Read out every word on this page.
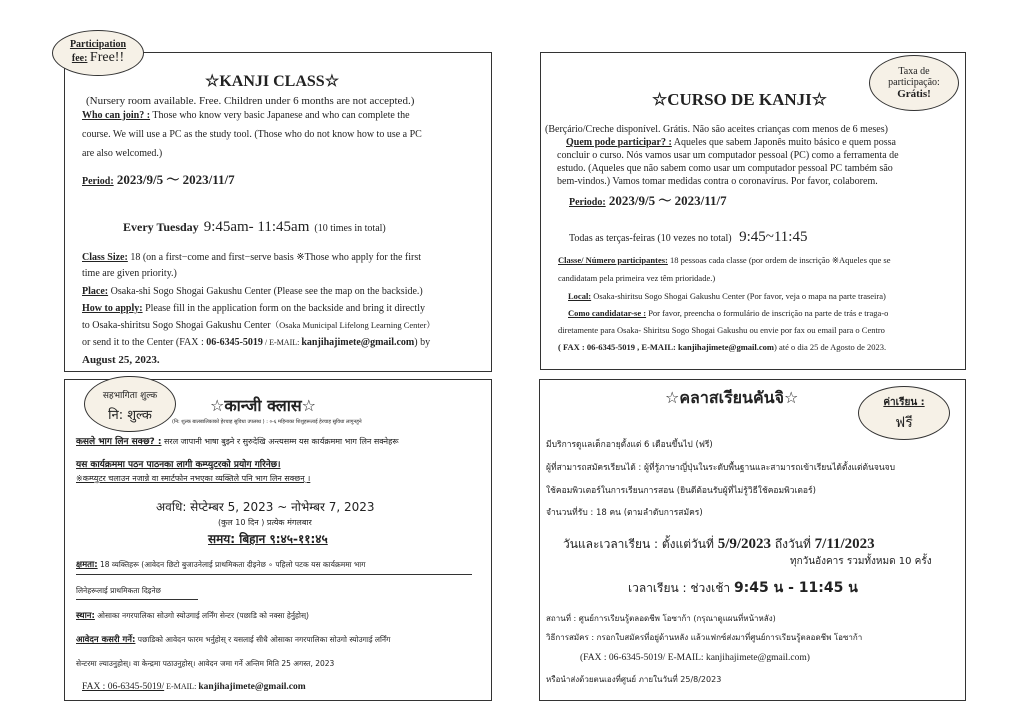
Participation
fee: Free!!
☆KANJI CLASS☆
(Nursery room available. Free. Children under 6 months are not accepted.)
Who can join? : Those who know very basic Japanese and who can complete the
course. We will use a PC as the study tool. (Those who do not know how to use a PC
are also welcomed.)
Period: 2023/9/5 〜 2023/11/7
Every Tuesday 9:45am- 11:45am (10 times in total)
Class Size: 18 (on a first−come and first−serve basis ※Those who apply for the first
time are given priority.)
Place: Osaka-shi Sogo Shogai Gakushu Center (Please see the map on the backside.)
How to apply: Please fill in the application form on the backside and bring it directly
to Osaka-shiritsu Sogo Shogai Gakushu Center（Osaka Municipal Lifelong Learning Center）
or send it to the Center (FAX : 06-6345-5019 / E-MAIL: kanjihajimete@gmail.com) by
August 25, 2023.
Taxa de
participação:
Grátis!
☆CURSO DE KANJI☆
(Berçário/Creche disponível. Grátis. Não são aceites crianças com menos de 6 meses)
Quem pode participar? : Aqueles que sabem Japonês muito básico e quem possa
concluir o curso. Nós vamos usar um computador pessoal (PC) como a ferramenta de
estudo. (Aqueles que não sabem como usar um computador pessoal PC também são
bem-vindos.) Vamos tomar medidas contra o coronavírus. Por favor, colaborem.
Periodo: 2023/9/5 〜 2023/11/7
Todas as terças-feiras (10 vezes no total) 9:45~11:45
Classe/ Número participantes: 18 pessoas cada classe (por ordem de inscrição ※Aqueles que se
candidatam pela primeira vez têm prioridade.)
Local: Osaka-shiritsu Sogo Shogai Gakushu Center (Por favor, veja o mapa na parte traseira)
Como candidatar-se : Por favor, preencha o formulário de inscrição na parte de trás e traga-o
diretamente para Osaka- Shiritsu Sogo Shogai Gakushu ou envie por fax ou email para o Centro
( FAX : 06-6345-5019 , E-MAIL: kanjihajimete@gmail.com) até o dia 25 de Agosto de 2023.
सहभागिता शुल्क
नि: शुल्क
☆कान्जी क्लास☆
(नि: शुल्क बालबालिकाको हेरचाह सुविधा उपलब्ध ) : ०-६ महिनाका शिशुहरूलाई हेरचाह सुविधा लागुनहुने
कसले भाग लिन सक्छ? : सरल जापानी भाषा बुझ्ने र सुरुदेखि अन्त्यसम्म यस कार्यक्रममा भाग लिन सक्नेहरू
यस कार्यक्रममा पठन पाठनका लागी कम्प्युटरको प्रयोग गरिनेछ।
※कम्प्युटर चलाउन नजान्ने वा स्मार्टफोन नभएका व्यक्तिले पनि भाग लिन सक्छन् ।
अवधि: सेप्टेम्बर 5, 2023 ~ नोभेम्बर 7, 2023
(कुल 10 दिन ) प्रत्येक मंगलबार
समय: बिहान ९:४५-११:४५
क्षमता: 18 व्यक्तिहरू (आवेदन छिटो बुजाउनेलाई प्राथमिकता दीइनेछ ∘ पहिलो पटक यस कार्यक्रममा भाग
लिनेहरूलाई प्राथमिकता दिइनेछ
स्थान: ओसाका नगरपालिका सोउगो स्योउगाई लर्निंग सेन्टर (पछाडि को नक्सा हेर्नुहोस्)
आवेदन कसरी गर्ने: पछाडिको आवेदन फारम भर्नुहोस् र यसलाई सीधै ओसाका नगरपालिका सोउगो स्योउगाई लर्निंग
सेन्टरमा ल्याउनुहोस्। वा केन्द्रमा पठाउनुहोस्। आवेदन जमा गर्ने अन्तिम मिति 25 अगस्त, 2023
FAX : 06-6345-5019/ E-MAIL: kanjihajimete@gmail.com
ค่าเรียน :
ฟรี
☆คลาสเรียนคันจิ☆
มีบริการดูแลเด็กอายุตั้งแต่ 6 เดือนขึ้นไป (ฟรี)
ผู้ที่สามารถสมัครเรียนได้ : ผู้ที่รู้ภาษาญี่ปุ่นในระดับพื้นฐานและสามารถเข้าเรียนได้ตั้งแต่ต้นจนจบ
ใช้คอมพิวเตอร์ในการเรียนการสอน (ยินดีต้อนรับผู้ที่ไม่รู้วิธีใช้คอมพิวเตอร์)
จำนวนที่รับ : 18 คน (ตามลำดับการสมัคร)
วันและเวลาเรียน : ตั้งแต่วันที่ 5/9/2023 ถึงวันที่ 7/11/2023
ทุกวันอังคาร รวมทั้งหมด 10 ครั้ง
เวลาเรียน : ช่วงเช้า 9:45 น - 11:45 น
สถานที่ : ศูนย์การเรียนรู้ตลอดชีพ โอซาก้า (กรุณาดูแผนที่หน้าหลัง)
วิธีการสมัคร : กรอกใบสมัครที่อยู่ด้านหลัง แล้วแฟกซ์ส่งมาที่ศูนย์การเรียนรู้ตลอดชีพ โอซาก้า
(FAX : 06-6345-5019/ E-MAIL: kanjihajimete@gmail.com)
หรือนำส่งด้วยตนเองที่ศูนย์ ภายในวันที่ 25/8/2023
